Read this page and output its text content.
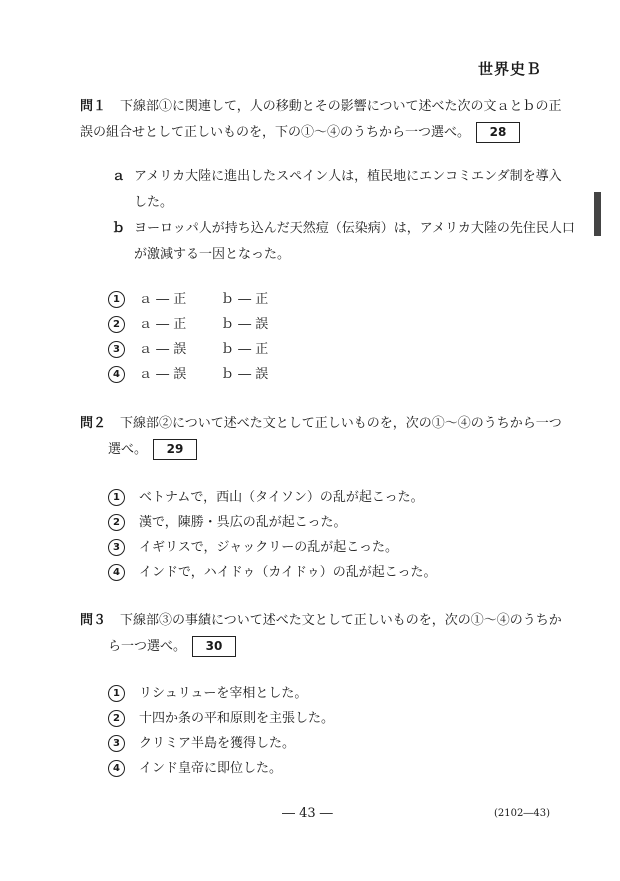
世界史Ｂ
問１ 下線部①に関連して，人の移動とその影響について述べた次の文ａとｂの正
誤の組合せとして正しいものを，下の①～④のうちから一つ選べ。 28
ａ アメリカ大陸に進出したスペイン人は，植民地にエンコミエンダ制を導入
した。
ｂ ヨーロッパ人が持ち込んだ天然痘（伝染病）は，アメリカ大陸の先住民人口
が激減する一因となった。
1 ａ ― 正	ｂ ― 正
2 ａ ― 正	ｂ ― 誤
3 ａ ― 誤	ｂ ― 正
4 ａ ― 誤	ｂ ― 誤
問２ 下線部②について述べた文として正しいものを，次の①～④のうちから一つ
選べ。 29
1 ベトナムで，西山（タイソン）の乱が起こった。
2 漢で，陳勝・呉広の乱が起こった。
3 イギリスで，ジャックリーの乱が起こった。
4 インドで，ハイドゥ（カイドゥ）の乱が起こった。
問３ 下線部③の事績について述べた文として正しいものを，次の①～④のうちか
ら一つ選べ。 30
1 リシュリューを宰相とした。
2 十四か条の平和原則を主張した。
3 クリミア半島を獲得した。
4 インド皇帝に即位した。
― 43 ―	(2102―43)
